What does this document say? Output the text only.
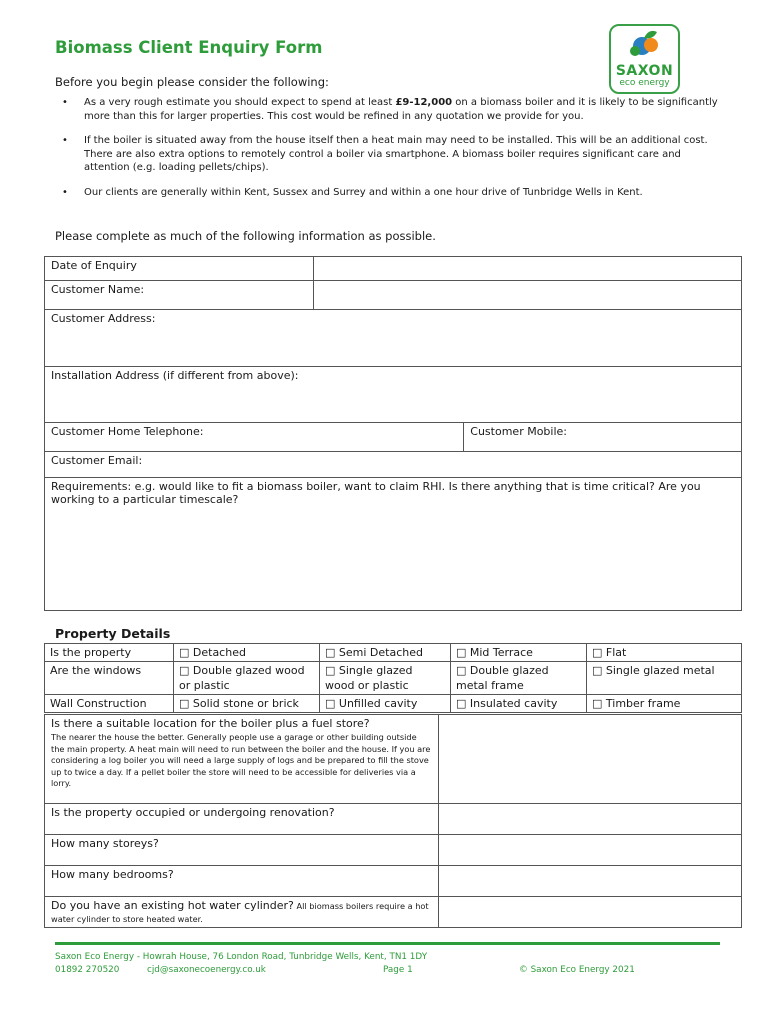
Biomass Client Enquiry Form
SAXON
eco energy
Before you begin please consider the following:
• As a very rough estimate you should expect to spend at least £9-12,000 on a biomass boiler and it is likely to be significantly more than this for larger properties. This cost would be refined in any quotation we provide for you.
• If the boiler is situated away from the house itself then a heat main may need to be installed. This will be an additional cost. There are also extra options to remotely control a boiler via smartphone. A biomass boiler requires significant care and attention (e.g. loading pellets/chips).
• Our clients are generally within Kent, Sussex and Surrey and within a one hour drive of Tunbridge Wells in Kent.
Please complete as much of the following information as possible.
Date of Enquiry		
Customer Name:		
Customer Address:		
Installation Address (if different from above):		
Customer Home Telephone:		Customer Mobile:
Customer Email:		
Requirements: e.g. would like to fit a biomass boiler, want to claim RHI. Is there anything that is time critical? Are you working to a particular timescale?		
Property Details
Is the property	□ Detached	□ Semi Detached	□ Mid Terrace	□ Flat
Are the windows	□ Double glazed wood or plastic	□ Single glazed wood or plastic	□ Double glazed metal frame	□ Single glazed metal
Wall Construction	□ Solid stone or brick	□ Unfilled cavity	□ Insulated cavity	□ Timber frame
Is there a suitable location for the boiler plus a fuel store?
The nearer the house the better. Generally people use a garage or other building outside the main property. A heat main will need to run between the boiler and the house. If you are considering a log boiler you will need a large supply of logs and be prepared to fill the stove up to twice a day. If a pellet boiler the store will need to be accessible for deliveries via a lorry.	

Is the property occupied or undergoing renovation?	
How many storeys?	
How many bedrooms?	
Do you have an existing hot water cylinder? All biomass boilers require a hot water cylinder to store heated water.	
Saxon Eco Energy - Howrah House, 76 London Road, Tunbridge Wells, Kent, TN1 1DY
01892 270520	cjd@saxonecoenergy.co.uk	Page 1	© Saxon Eco Energy 2021
